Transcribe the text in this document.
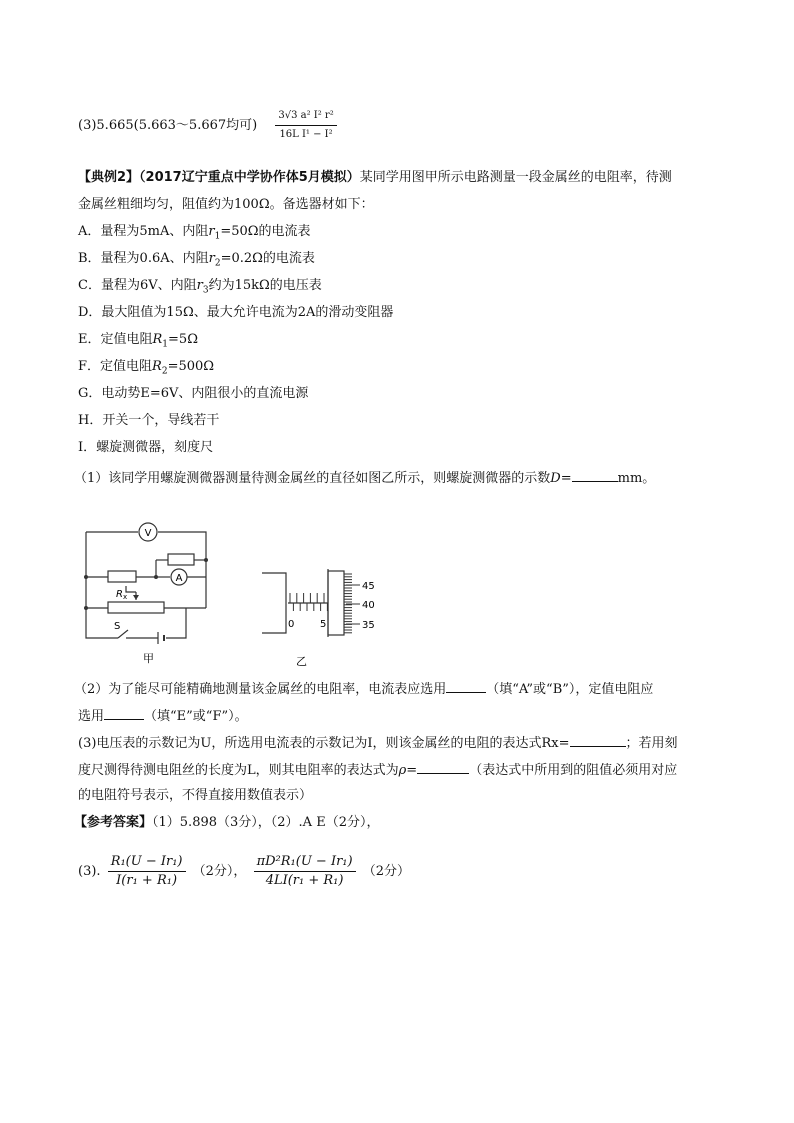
(3)5.665(5.663～5.667均可) $\frac{\text{3√3 a² I² r²}}{\text{16L I¹ − I²}}$
【典例2】（2017辽宁重点中学协作体5月模拟）某同学用图甲所示电路测量一段金属丝的电阻率，待测
金属丝粗细均匀，阻值约为100Ω。备选器材如下：
A．量程为5mA、内阻$r_1=50\Omega$的电流表
B．量程为0.6A、内阻$r_2=0.2\Omega$的电流表
C．量程为6V、内阻$r_3$约为15kΩ的电压表
D．最大阻值为15Ω、最大允许电流为2A的滑动变阻器
E．定值电阻$R_1=5\Omega$
F．定值电阻$R_2=500\Omega$
G．电动势E=6V、内阻很小的直流电源
H．开关一个，导线若干
I．螺旋测微器，刻度尺
（1）该同学用螺旋测微器测量待测金属丝的直径如图乙所示，则螺旋测微器的示数D=	mm。
V
A
R x
S
甲
0	5
45
40
35
乙
（2）为了能尽可能精确地测量该金属丝的电阻率，电流表应选用	（填“A”或“B”），定值电阻应
选用	（填“E”或“F”）。
(3)电压表的示数记为U，所选用电流表的示数记为I，则该金属丝的电阻的表达式Rx=	；若用刻
度尺测得待测电阻丝的长度为L，则其电阻率的表达式为ρ=	（表达式中所用到的阻值必须用对应
的电阻符号表示，不得直接用数值表示）
【参考答案】（1）5.898（3分），（2）.A E（2分），
(3). $\frac{\text{R₁(U − Ir₁)}}{\text{I(r₁ + R₁)}} (2$分）， $\frac{\text{πD²R₁(U − Ir₁)}}{\text{4LI(r₁ + R₁)}} (2$分）
